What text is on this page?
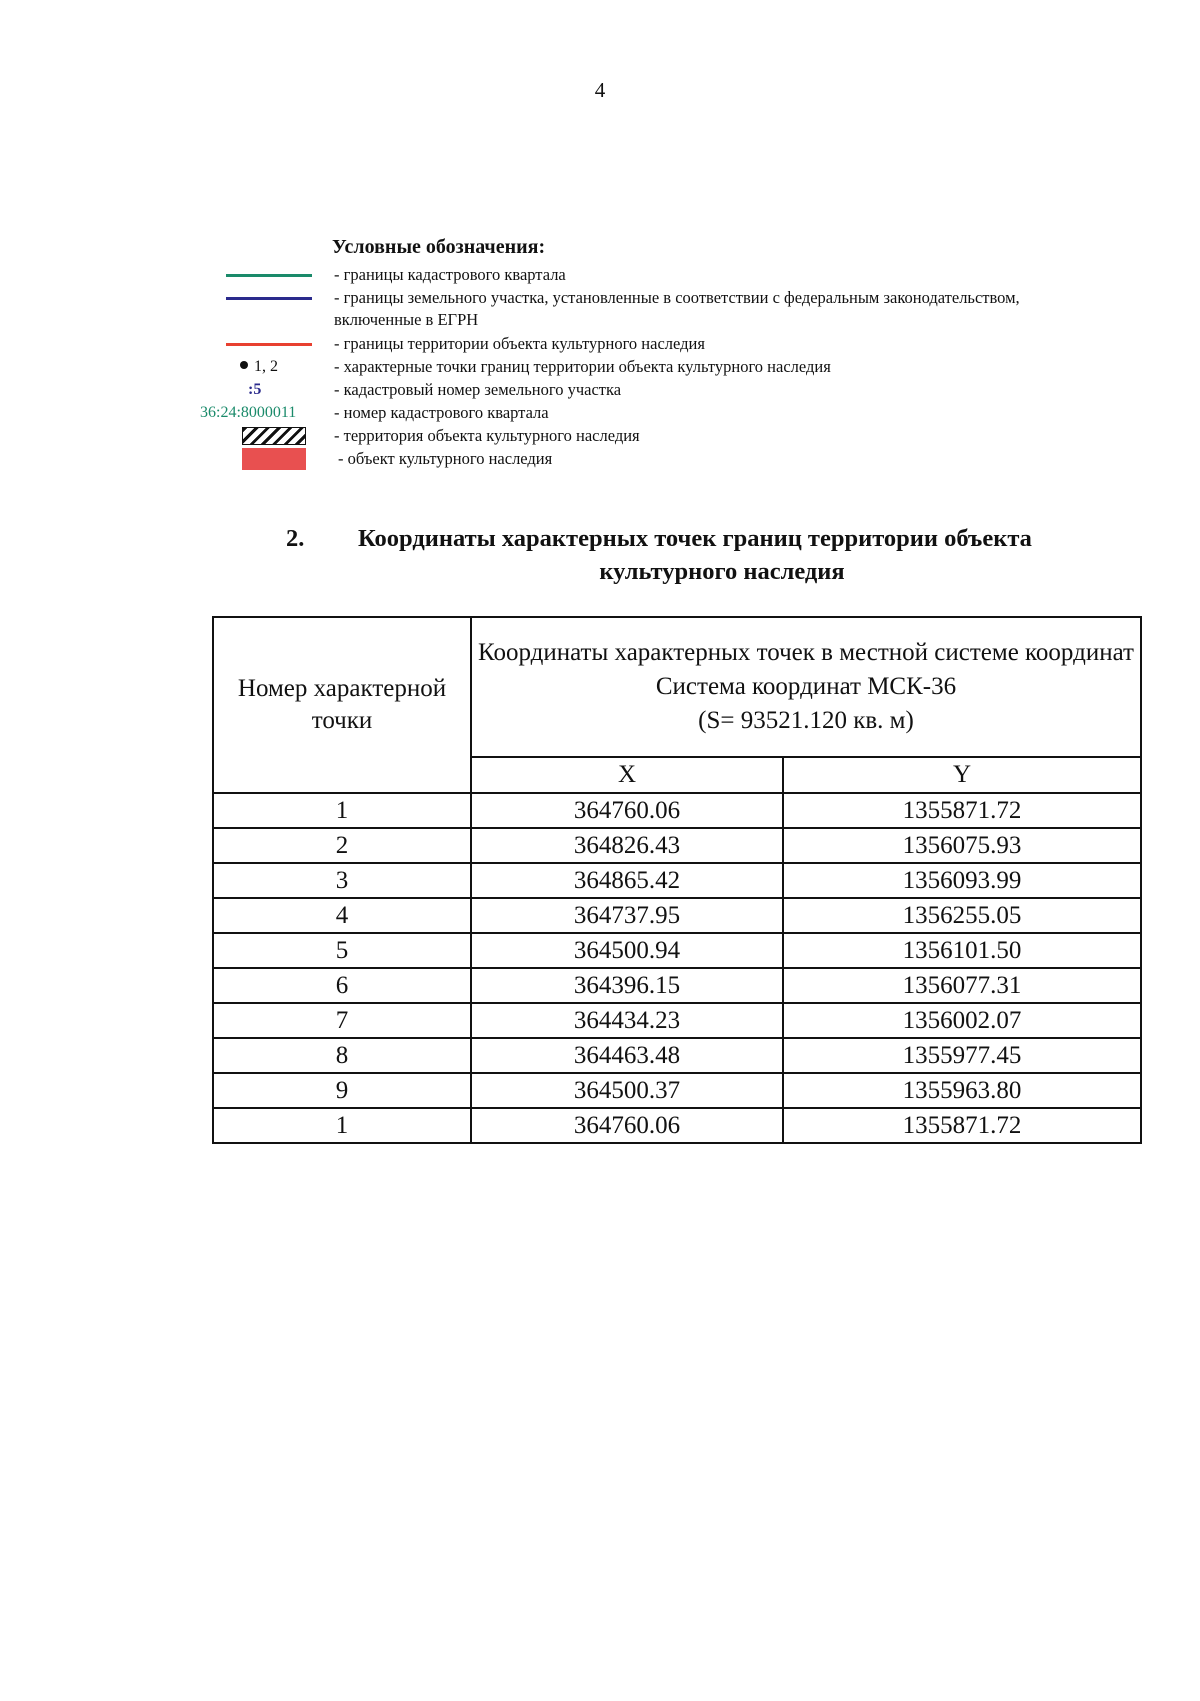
4
Условные обозначения:
- границы кадастрового квартала
- границы земельного участка, установленные в соответствии с федеральным законодательством, включенные в ЕГРН
- границы территории объекта культурного наследия
1, 2	- характерные точки границ территории объекта культурного наследия
:5	- кадастровый номер земельного участка
36:24:8000011 - номер кадастрового квартала
- территория объекта культурного наследия
- объект культурного наследия
2. Координаты характерных точек границ территории объекта
культурного наследия
Номер характерной точки	Координаты характерных точек в местной системе координат
Система координат МСК-36
(S= 93521.120 кв. м)	

	X	Y
1	364760.06	1355871.72
2	364826.43	1356075.93
3	364865.42	1356093.99
4	364737.95	1356255.05
5	364500.94	1356101.50
6	364396.15	1356077.31
7	364434.23	1356002.07
8	364463.48	1355977.45
9	364500.37	1355963.80
1	364760.06	1355871.72
